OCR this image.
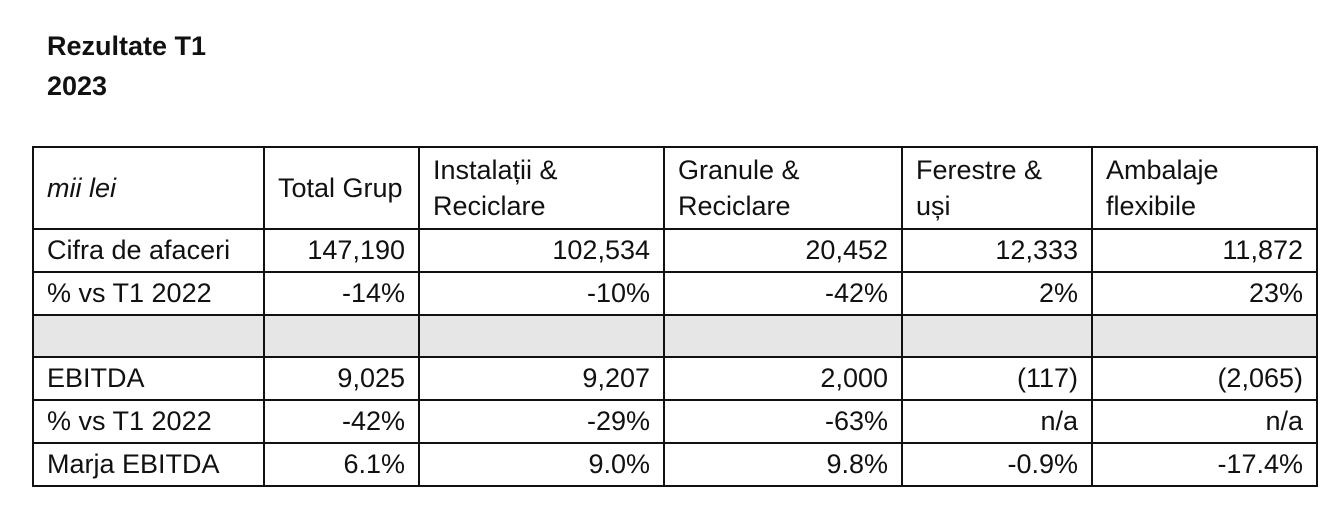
Rezultate T1
2023
mii lei	Total Grup	Instalații & Reciclare	Granule & Reciclare	Ferestre & uși	Ambalaje flexibile
Cifra de afaceri	147,190	102,534	20,452	12,333	11,872
% vs T1 2022	-14%	-10%	-42%	2%	23%

EBITDA	9,025	9,207	2,000	(117)	(2,065)
% vs T1 2022	-42%	-29%	-63%	n/a	n/a
Marja EBITDA	6.1%	9.0%	9.8%	-0.9%	-17.4%
